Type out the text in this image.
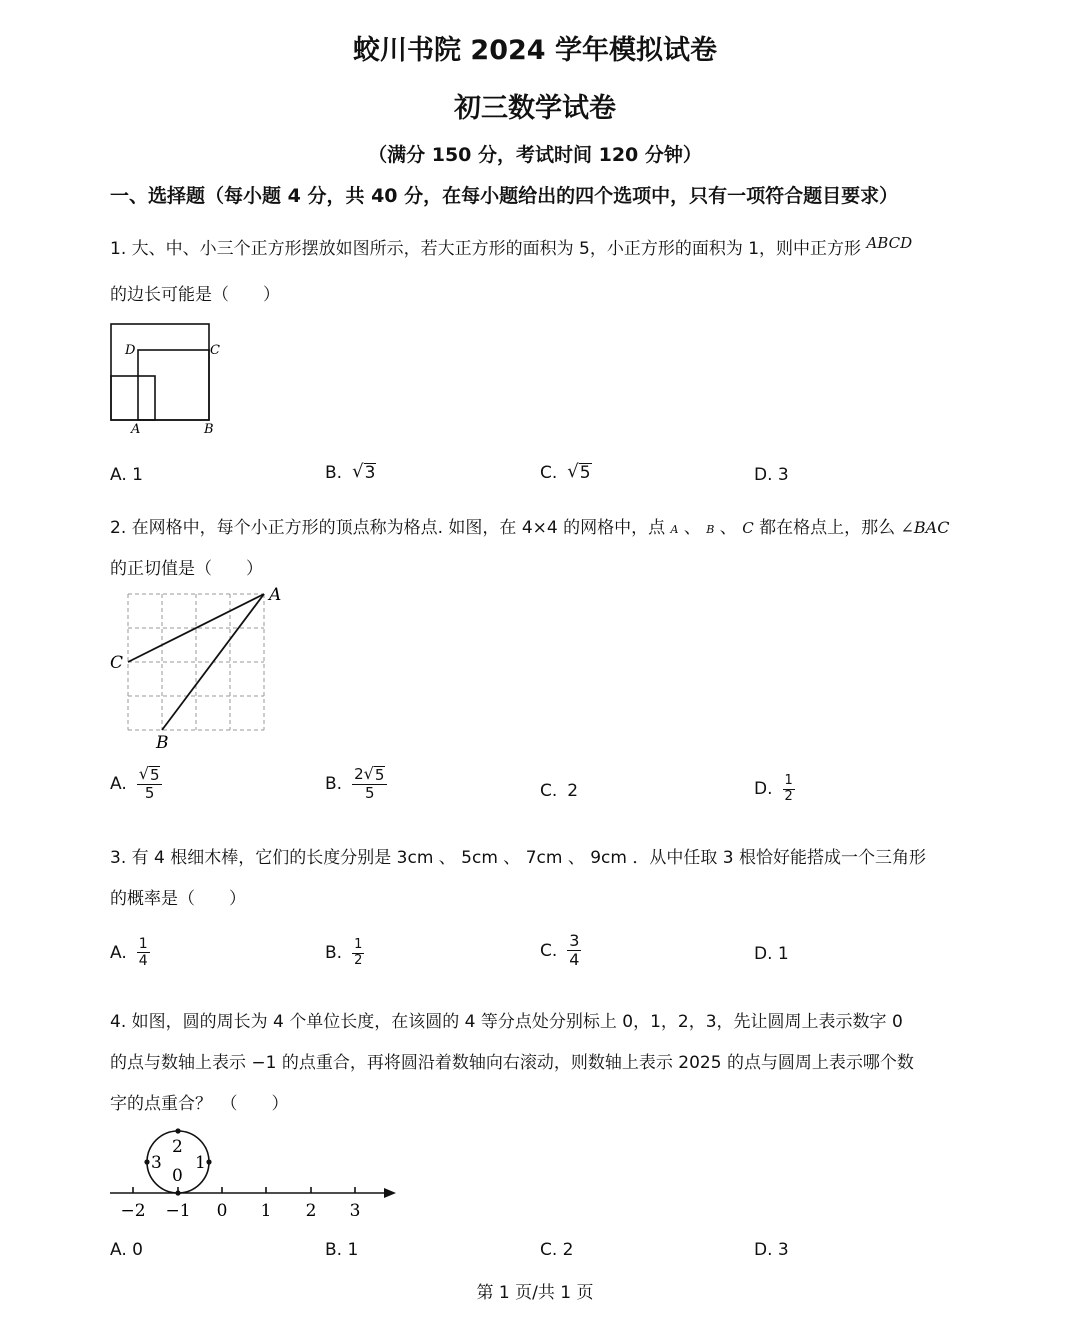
蛟川书院 2024 学年模拟试卷
初三数学试卷
（满分 150 分，考试时间 120 分钟）
一、选择题（每小题 4 分，共 40 分，在每小题给出的四个选项中，只有一项符合题目要求）
1. 大、中、小三个正方形摆放如图所示，若大正方形的面积为 5，小正方形的面积为 1，则中正方形 ABCD
的边长可能是（　　）
D	C
A	B
A. 1	B. √ 3	C. √ 5	D. 3
2. 在网格中，每个小正方形的顶点称为格点. 如图，在 4×4 的网格中，点 A 、 B 、 C 都在格点上，那么 ∠BAC
的正切值是（　　）
A
C
B
A. $\frac{√ 5}{5}$	B. $\frac{2 √ 5}{5}$	C. 2	D. $\frac{1}{2}$
3. 有 4 根细木棒，它们的长度分别是 3cm 、 5cm 、 7cm 、 9cm ．从中任取 3 根恰好能搭成一个三角形
的概率是（　　）
A. $\frac{1}{4}$	B. $\frac{1}{2}$	C. $\frac{3}{4}$	D. 1
4. 如图，圆的周长为 4 个单位长度，在该圆的 4 等分点处分别标上 0，1，2，3，先让圆周上表示数字 0
的点与数轴上表示 −1 的点重合，再将圆沿着数轴向右滚动，则数轴上表示 2025 的点与圆周上表示哪个数
字的点重合？　（　　）
2
3
0
1
−2 −1 0 1 2 3
A. 0	B. 1	C. 2	D. 3
第 1 页/共 1 页
